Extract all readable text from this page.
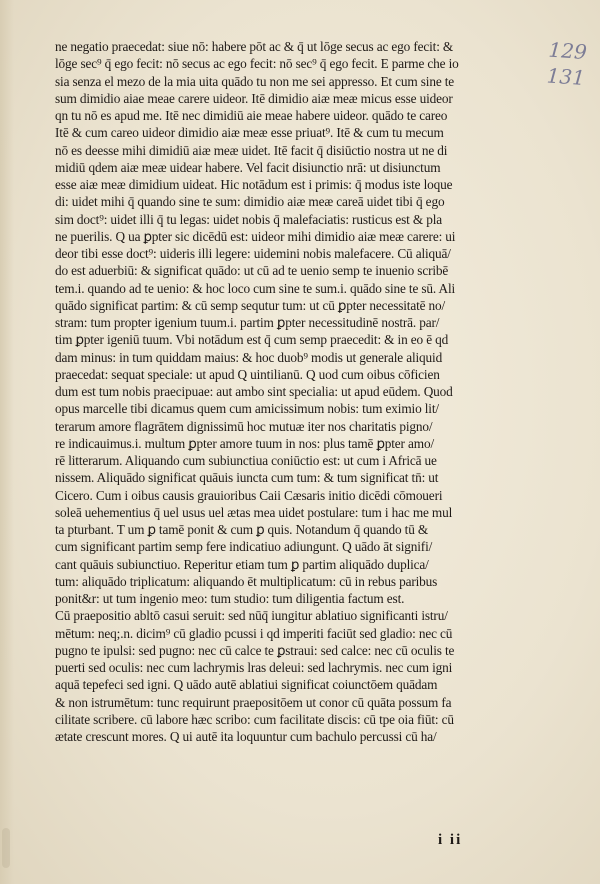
129
131
ne negatio praecedat: siue nō: habere pōt ac & q̄ ut lōge secus ac ego fecit: &
lōge sec⁹ q̄ ego fecit: nō secus ac ego fecit: nō sec⁹ q̄ ego fecit. E parme che io
sia senza el mezo de la mia uita quādo tu non me sei appresso. Et cum sine te
sum dimidio aiae meae carere uideor. Itē dimidio aiæ meæ micus esse uideor
qn tu nō es apud me. Itē nec dimidiū aie meae habere uideor. quādo te careo
Itē & cum careo uideor dimidio aiæ meæ esse priuat⁹. Itē & cum tu mecum
nō es deesse mihi dimidiū aiæ meæ uidet. Itē facit q̄ disiūctio nostra ut ne di
midiū qdem aiæ meæ uidear habere. Vel facit disiunctio nrā: ut disiunctum
esse aiæ meæ dimidium uideat. Hic notādum est i primis: q̄ modus iste loque
di: uidet mihi q̄ quando sine te sum: dimidio aiæ meæ careā uidet tibi q̄ ego
sim doct⁹: uidet illi q̄ tu legas: uidet nobis q̄ malefaciatis: rusticus est & pla
ne puerilis. Q ua ꝑpter sic dicēdū est: uideor mihi dimidio aiæ meæ carere: ui
deor tibi esse doct⁹: uideris illi legere: uidemini nobis malefacere. Cū aliquā/
do est aduerbiū: & significat quādo: ut cū ad te uenio semp te inuenio scribē
tem.i. quando ad te uenio: & hoc loco cum sine te sum.i. quādo sine te sū. Ali
quādo significat partim: & cū semp sequtur tum: ut cū ꝑpter necessitatē no/
stram: tum propter igenium tuum.i. partim ꝑpter necessitudinē nostrā. par/
tim ꝑpter igeniū tuum. Vbi notādum est q̄ cum semp praecedit: & in eo ē qd
dam minus: in tum quiddam maius: & hoc duob⁹ modis ut generale aliquid
praecedat: sequat speciale: ut apud Q uintilianū. Q uod cum oibus cōficien
dum est tum nobis praecipuae: aut ambo sint specialia: ut apud eūdem. Quod
opus marcelle tibi dicamus quem cum amicissimum nobis: tum eximio lit/
terarum amore flagrātem dignissimū hoc mutuæ iter nos charitatis pigno/
re indicauimus.i. multum ꝑpter amore tuum in nos: plus tamē ꝑpter amo/
rē litterarum. Aliquando cum subiunctiua coniūctio est: ut cum i Africā ue
nissem. Aliquādo significat quāuis iuncta cum tum: & tum significat tn̄: ut
Cicero. Cum i oibus causis grauioribus Caii Cæsaris initio dicēdi cōmoueri
soleā uehementius q̄ uel usus uel ætas mea uidet postulare: tum i hac me mul
ta pturbant. T um ꝑ tamē ponit & cum ꝑ quis. Notandum q̄ quando tū &
cum significant partim semp fere indicatiuo adiungunt. Q uādo āt signifi/
cant quāuis subiunctiuo. Reperitur etiam tum ꝑ partim aliquādo duplica/
tum: aliquādo triplicatum: aliquando ēt multiplicatum: cū in rebus paribus
ponit&r: ut tum ingenio meo: tum studio: tum diligentia factum est.
Cū praepositio abltō casui seruit: sed nūq̄ iungitur ablatiuo significanti istru/
mētum: neq;.n. dicim⁹ cū gladio pcussi i qd imperiti faciūt sed gladio: nec cū
pugno te ipulsi: sed pugno: nec cū calce te ꝑstraui: sed calce: nec cū oculis te
puerti sed oculis: nec cum lachrymis lras deleui: sed lachrymis. nec cum igni
aquā tepefeci sed igni. Q uādo autē ablatiui significat coiunctōem quādam
& non istrumētum: tunc requirunt praepositōem ut conor cū quāta possum fa
cilitate scribere. cū labore hæc scribo: cum facilitate discis: cū tpe oia fiūt: cū
ætate crescunt mores. Q ui autē ita loquuntur cum bachulo percussi cū ha/
i ii
